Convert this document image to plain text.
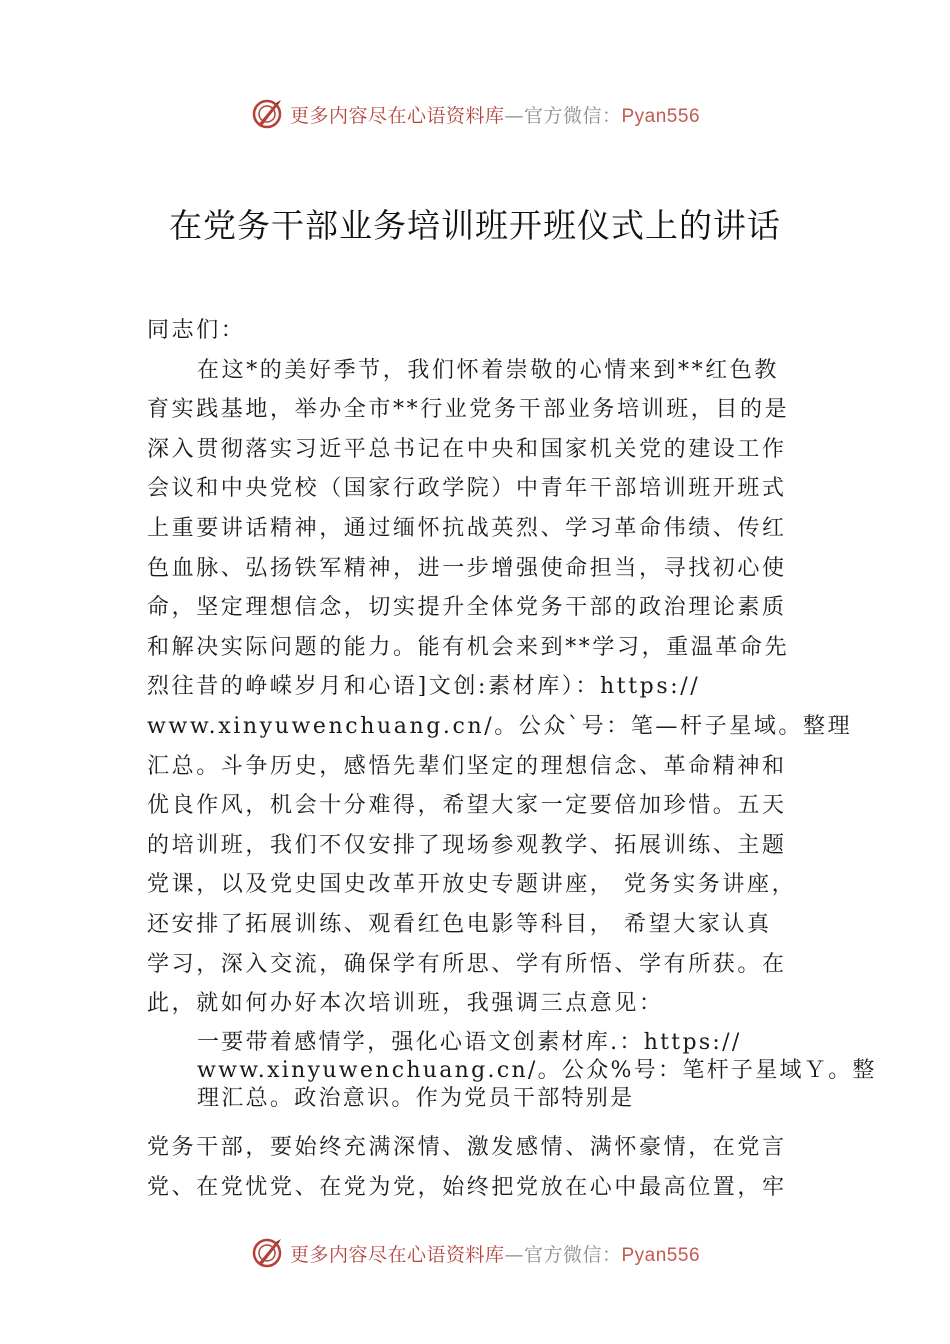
更多内容尽在心语资料库—官方微信：Pyan556
在党务干部业务培训班开班仪式上的讲话
同志们：
在这*的美好季节，我们怀着崇敬的心情来到**红色教
育实践基地，举办全市**行业党务干部业务培训班，目的是
深入贯彻落实习近平总书记在中央和国家机关党的建设工作
会议和中央党校（国家行政学院）中青年干部培训班开班式
上重要讲话精神，通过缅怀抗战英烈、学习革命伟绩、传红
色血脉、弘扬铁军精神，进一步增强使命担当，寻找初心使
命，坚定理想信念，切实提升全体党务干部的政治理论素质
和解决实际问题的能力。能有机会来到**学习，重温革命先
烈往昔的峥嵘岁月和心语]文创:素材库）：https://
www.xinyuwenchuang.cn/。公众`号：笔—杆子星域。整理
汇总。斗争历史，感悟先辈们坚定的理想信念、革命精神和
优良作风，机会十分难得，希望大家一定要倍加珍惜。五天
的培训班，我们不仅安排了现场参观教学、拓展训练、主题
党课，以及党史国史改革开放史专题讲座， 党务实务讲座，
还安排了拓展训练、观看红色电影等科目， 希望大家认真
学习，深入交流，确保学有所思、学有所悟、学有所获。在
此，就如何办好本次培训班，我强调三点意见：
一要带着感情学，强化心语文创素材库.：https://
www.xinyuwenchuang.cn/。公众%号：笔杆子星域Ｙ。整
理汇总。政治意识。作为党员干部特别是
党务干部，要始终充满深情、激发感情、满怀豪情，在党言
党、在党忧党、在党为党，始终把党放在心中最高位置，牢
更多内容尽在心语资料库—官方微信：Pyan556
